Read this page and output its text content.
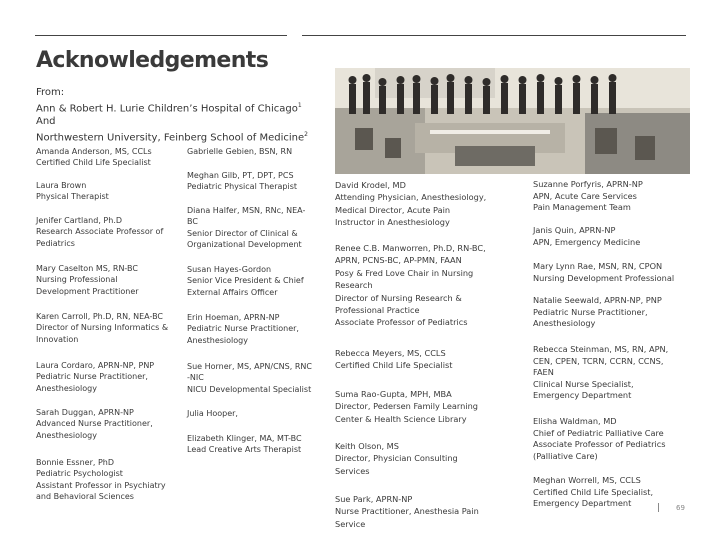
Acknowledgements
From:
Ann & Robert H. Lurie Children’s Hospital of Chicago$^1$
And
Northwestern University, Feinberg School of Medicine$^2$
Amanda Anderson, MS, CCLs
Certified Child Life Specialist
Laura Brown
Physical Therapist
Jenifer Cartland, Ph.D
Research Associate Professor of
Pediatrics
Mary Caselton MS, RN-BC
Nursing Professional
Development Practitioner
Karen Carroll, Ph.D, RN, NEA-BC
Director of Nursing Informatics &
Innovation
Laura Cordaro, APRN-NP, PNP
Pediatric Nurse Practitioner,
Anesthesiology
Sarah Duggan, APRN-NP
Advanced Nurse Practitioner,
Anesthesiology
Bonnie Essner, PhD
Pediatric Psychologist
Assistant Professor in Psychiatry
and Behavioral Sciences
Gabrielle Gebien, BSN, RN
Meghan Gilb, PT, DPT, PCS
Pediatric Physical Therapist
Diana Halfer, MSN, RNc, NEA-
BC
Senior Director of Clinical &
Organizational Development
Susan Hayes-Gordon
Senior Vice President & Chief
External Affairs Officer
Erin Hoeman, APRN-NP
Pediatric Nurse Practitioner,
Anesthesiology
Sue Horner, MS, APN/CNS, RNC
-NIC
NICU Developmental Specialist
Julia Hooper,
Elizabeth Klinger, MA, MT-BC
Lead Creative Arts Therapist
David Krodel, MD
Attending Physician, Anesthesiology,
Medical Director, Acute Pain
Instructor in Anesthesiology
Renee C.B. Manworren, Ph.D, RN-BC,
APRN, PCNS-BC, AP-PMN, FAAN
Posy & Fred Love Chair in Nursing
Research
Director of Nursing Research &
Professional Practice
Associate Professor of Pediatrics
Rebecca Meyers, MS, CCLS
Certified Child Life Specialist
Suma Rao-Gupta, MPH, MBA
Director, Pedersen Family Learning
Center & Health Science Library
Keith Olson, MS
Director, Physician Consulting
Services
Sue Park, APRN-NP
Nurse Practitioner, Anesthesia Pain
Service
Suzanne Porfyris, APRN-NP
APN, Acute Care Services
Pain Management Team
Janis Quin, APRN-NP
APN, Emergency Medicine
Mary Lynn Rae, MSN, RN, CPON
Nursing Development Professional
Natalie Seewald, APRN-NP, PNP
Pediatric Nurse Practitioner,
Anesthesiology
Rebecca Steinman, MS, RN, APN,
CEN, CPEN, TCRN, CCRN, CCNS,
FAEN
Clinical Nurse Specialist,
Emergency Department
Elisha Waldman, MD
Chief of Pediatric Palliative Care
Associate Professor of Pediatrics
(Palliative Care)
Meghan Worrell, MS, CCLS
Certified Child Life Specialist,
Emergency Department	| 69
